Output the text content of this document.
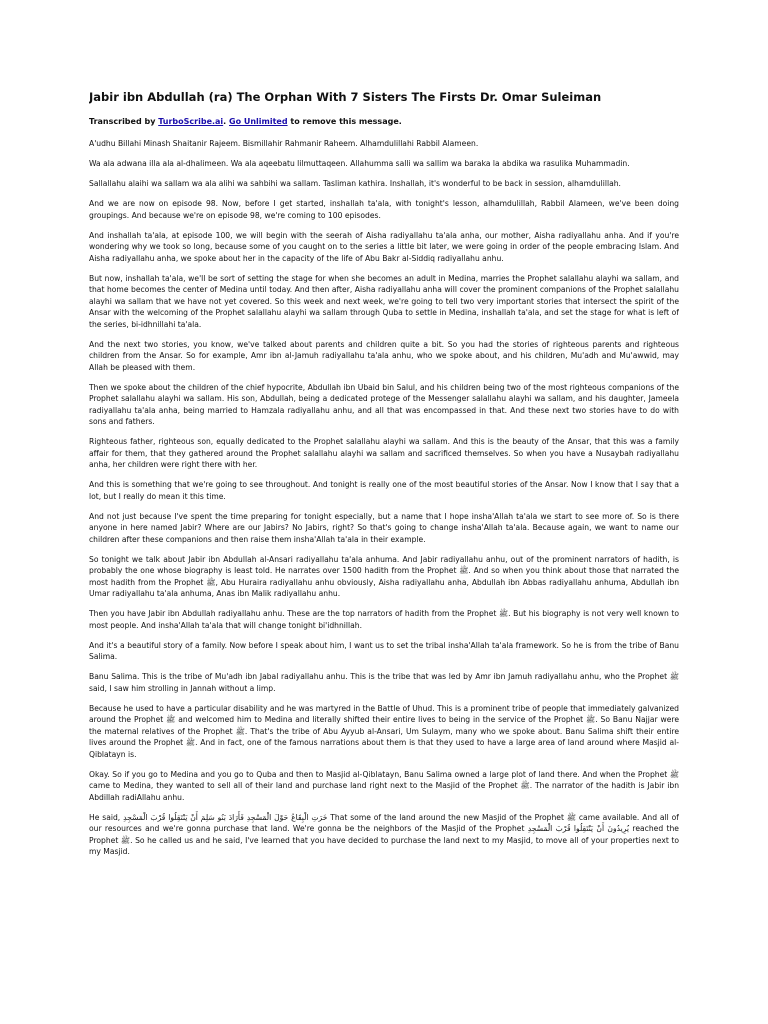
Jabir ibn Abdullah (ra) The Orphan With 7 Sisters The Firsts Dr. Omar Suleiman
Transcribed by TurboScribe.ai. Go Unlimited to remove this message.

A'udhu Billahi Minash Shaitanir Rajeem. Bismillahir Rahmanir Raheem. Alhamdulillahi Rabbil Alameen.

Wa ala adwana illa ala al-dhalimeen. Wa ala aqeebatu lilmuttaqeen. Allahumma salli wa sallim wa baraka la abdika wa rasulika Muhammadin.

Sallallahu alaihi wa sallam wa ala alihi wa sahbihi wa sallam. Tasliman kathira. Inshallah, it's wonderful to be back in session, alhamdulillah.

And we are now on episode 98. Now, before I get started, inshallah ta'ala, with tonight's lesson, alhamdulillah, Rabbil Alameen, we've been doing groupings. And because we're on episode 98, we're coming to 100 episodes.

And inshallah ta'ala, at episode 100, we will begin with the seerah of Aisha radiyallahu ta'ala anha, our mother, Aisha radiyallahu anha. And if you're wondering why we took so long, because some of you caught on to the series a little bit later, we were going in order of the people embracing Islam. And Aisha radiyallahu anha, we spoke about her in the capacity of the life of Abu Bakr al-Siddiq radiyallahu anhu.

But now, inshallah ta'ala, we'll be sort of setting the stage for when she becomes an adult in Medina, marries the Prophet salallahu alayhi wa sallam, and that home becomes the center of Medina until today. And then after, Aisha radiyallahu anha will cover the prominent companions of the Prophet salallahu alayhi wa sallam that we have not yet covered. So this week and next week, we're going to tell two very important stories that intersect the spirit of the Ansar with the welcoming of the Prophet salallahu alayhi wa sallam through Quba to settle in Medina, inshallah ta'ala, and set the stage for what is left of the series, bi-idhnillahi ta'ala.

And the next two stories, you know, we've talked about parents and children quite a bit. So you had the stories of righteous parents and righteous children from the Ansar. So for example, Amr ibn al-Jamuh radiyallahu ta'ala anhu, who we spoke about, and his children, Mu'adh and Mu'awwid, may Allah be pleased with them.

Then we spoke about the children of the chief hypocrite, Abdullah ibn Ubaid bin Salul, and his children being two of the most righteous companions of the Prophet salallahu alayhi wa sallam. His son, Abdullah, being a dedicated protege of the Messenger salallahu alayhi wa sallam, and his daughter, Jameela radiyallahu ta'ala anha, being married to Hamzala radiyallahu anhu, and all that was encompassed in that. And these next two stories have to do with sons and fathers.

Righteous father, righteous son, equally dedicated to the Prophet salallahu alayhi wa sallam. And this is the beauty of the Ansar, that this was a family affair for them, that they gathered around the Prophet salallahu alayhi wa sallam and sacrificed themselves. So when you have a Nusaybah radiyallahu anha, her children were right there with her.

And this is something that we're going to see throughout. And tonight is really one of the most beautiful stories of the Ansar. Now I know that I say that a lot, but I really do mean it this time.

And not just because I've spent the time preparing for tonight especially, but a name that I hope insha'Allah ta'ala we start to see more of. So is there anyone in here named Jabir? Where are our Jabirs? No Jabirs, right? So that's going to change insha'Allah ta'ala. Because again, we want to name our children after these companions and then raise them insha'Allah ta'ala in their example.

So tonight we talk about Jabir ibn Abdullah al-Ansari radiyallahu ta'ala anhuma. And Jabir radiyallahu anhu, out of the prominent narrators of hadith, is probably the one whose biography is least told. He narrates over 1500 hadith from the Prophet ﷺ. And so when you think about those that narrated the most hadith from the Prophet ﷺ, Abu Huraira radiyallahu anhu obviously, Aisha radiyallahu anha, Abdullah ibn Abbas radiyallahu anhuma, Abdullah ibn Umar radiyallahu ta'ala anhuma, Anas ibn Malik radiyallahu anhu.

Then you have Jabir ibn Abdullah radiyallahu anhu. These are the top narrators of hadith from the Prophet ﷺ. But his biography is not very well known to most people. And insha'Allah ta'ala that will change tonight bi'idhnillah.

And it's a beautiful story of a family. Now before I speak about him, I want us to set the tribal insha'Allah ta'ala framework. So he is from the tribe of Banu Salima.

Banu Salima. This is the tribe of Mu'adh ibn Jabal radiyallahu anhu. This is the tribe that was led by Amr ibn Jamuh radiyallahu anhu, who the Prophet ﷺ said, I saw him strolling in Jannah without a limp.

Because he used to have a particular disability and he was martyred in the Battle of Uhud. This is a prominent tribe of people that immediately galvanized around the Prophet ﷺ and welcomed him to Medina and literally shifted their entire lives to being in the service of the Prophet ﷺ. So Banu Najjar were the maternal relatives of the Prophet ﷺ. That's the tribe of Abu Ayyub al-Ansari, Um Sulaym, many who we spoke about. Banu Salima shift their entire lives around the Prophet ﷺ. And in fact, one of the famous narrations about them is that they used to have a large area of land around where Masjid al-Qiblatayn is.

Okay. So if you go to Medina and you go to Quba and then to Masjid al-Qiblatayn, Banu Salima owned a large plot of land there. And when the Prophet ﷺ came to Medina, they wanted to sell all of their land and purchase land right next to the Masjid of the Prophet ﷺ. The narrator of the hadith is Jabir ibn Abdillah radiAllahu anhu.

He said, خَرَتِ الْبِقَاعُ حَوْلَ الْمَسْجِدِ فَأَرَادَ بَنُو سَلِمَ أَنْ يَنْتَقِلُوا قُرْبَ الْمَسْجِدِ That some of the land around the new Masjid of the Prophet ﷺ came available. And all of our resources and we're gonna purchase that land. We're gonna be the neighbors of the Masjid of the Prophet يُرِيدُونَ أَنْ يَنْتَقِلُوا قُرْبَ الْمَسْجِدِ reached the Prophet ﷺ. So he called us and he said, I've learned that you have decided to purchase the land next to my Masjid, to move all of your properties next to my Masjid.
